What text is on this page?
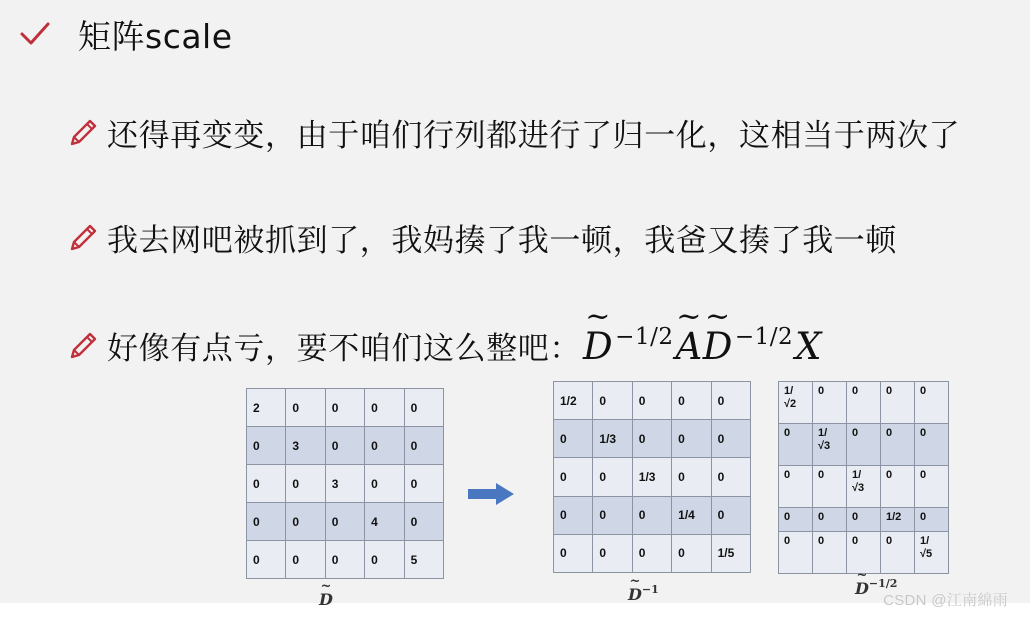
矩阵scale
还得再变变，由于咱们行列都进行了归一化，这相当于两次了
我去网吧被抓到了，我妈揍了我一顿，我爸又揍了我一顿
好像有点亏，要不咱们这么整吧： ~ $D^{-1/2}\sim$ A~ $D^{-1/2}X$
2	0	0	0	0
0	3	0	0	0
0	0	3	0	0
0	0	0	4	0
0	0	0	0	5
1/2	0	0	0	0
0	1/3	0	0	0
0	0	1/3	0	0
0	0	0	1/4	0
0	0	0	0	1/5
1/
√2	0	0	0	0
0	1/
√3	0	0	0
0	0	1/
√3	0	0
0	0	0	1/2	0
0	0	0	0	1/
√5
~ D	~ $D^{-1}$	~ $D^{-1/2}$
CSDN @江南綿雨
